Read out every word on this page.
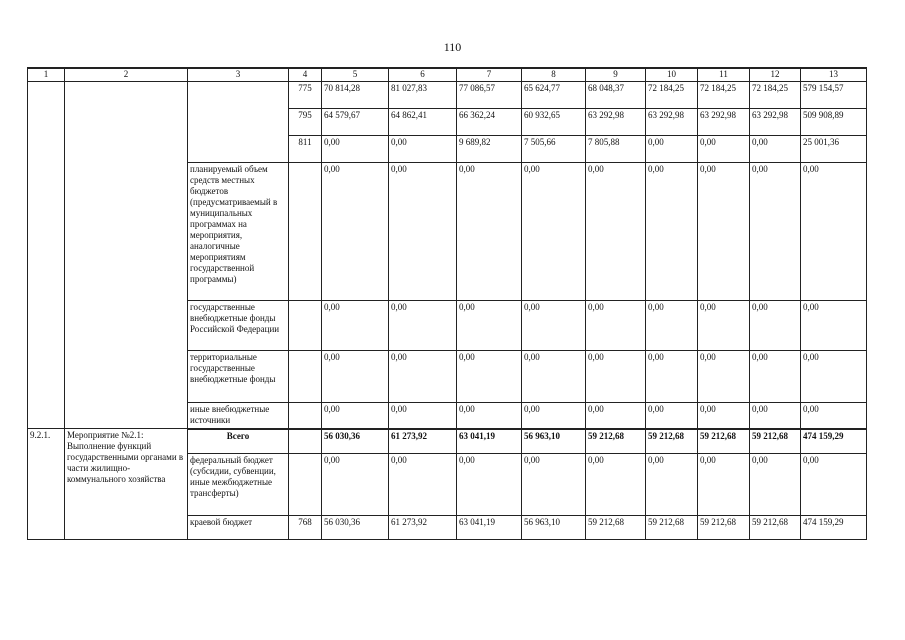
110
1	2	3	4	5	6	7	8	9	10	11	12	13
			775	70 814,28	81 027,83	77 086,57	65 624,77	68 048,37	72 184,25	72 184,25	72 184,25	579 154,57
			795	64 579,67	64 862,41	66 362,24	60 932,65	63 292,98	63 292,98	63 292,98	63 292,98	509 908,89
			811	0,00	0,00	9 689,82	7 505,66	7 805,88	0,00	0,00	0,00	25 001,36
		планируемый объем средств местных бюджетов (предусматриваемый в муниципальных программах на мероприятия, аналогичные мероприятиям государственной программы)		0,00	0,00	0,00	0,00	0,00	0,00	0,00	0,00	0,00
		государственные внебюджетные фонды Российской Федерации		0,00	0,00	0,00	0,00	0,00	0,00	0,00	0,00	0,00
		территориальные государственные внебюджетные фонды		0,00	0,00	0,00	0,00	0,00	0,00	0,00	0,00	0,00
		иные внебюджетные источники		0,00	0,00	0,00	0,00	0,00	0,00	0,00	0,00	0,00
9.2.1.	Мероприятие №2.1: Выполнение функций государственными органами в части жилищно-коммунального хозяйства	Всего		56 030,36	61 273,92	63 041,19	56 963,10	59 212,68	59 212,68	59 212,68	59 212,68	474 159,29
		федеральный бюджет (субсидии, субвенции, иные межбюджетные трансферты)		0,00	0,00	0,00	0,00	0,00	0,00	0,00	0,00	0,00
		краевой бюджет	768	56 030,36	61 273,92	63 041,19	56 963,10	59 212,68	59 212,68	59 212,68	59 212,68	474 159,29
